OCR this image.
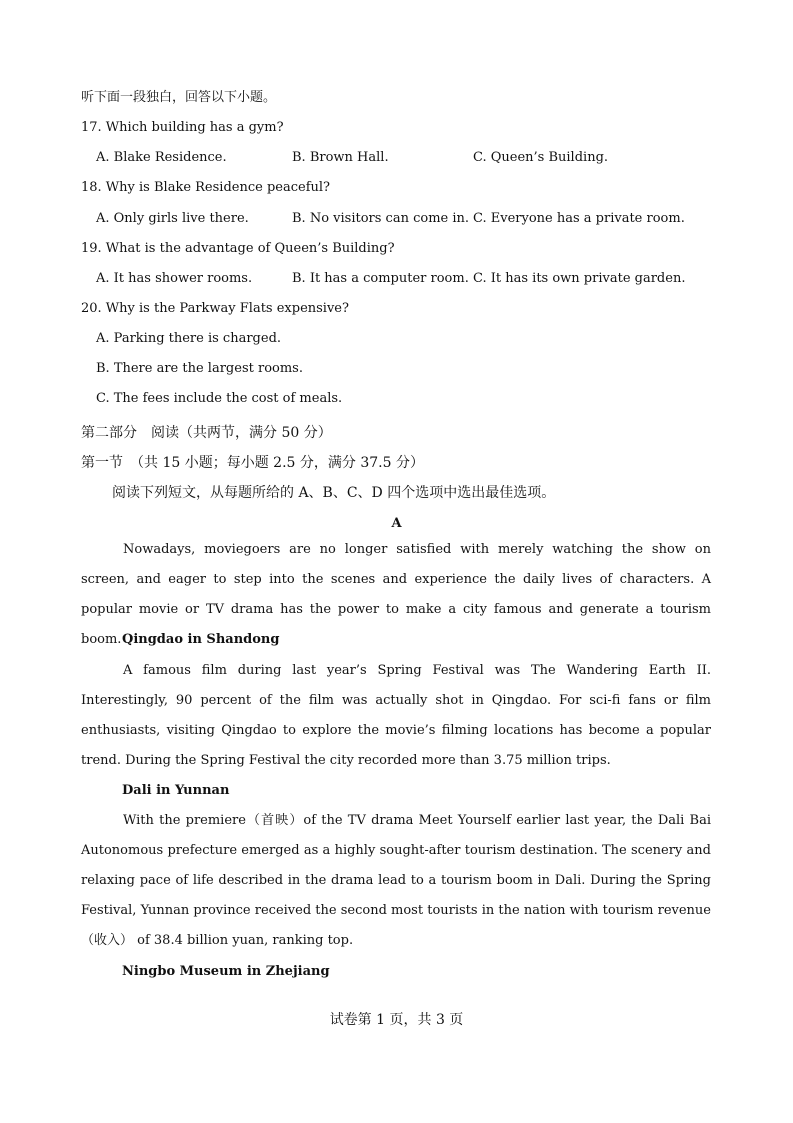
听下面一段独白，回答以下小题。
17. Which building has a gym?
A. Blake Residence.	B. Brown Hall.	C. Queen’s Building.
18. Why is Blake Residence peaceful?
A. Only girls live there.	B. No visitors can come in. C. Everyone has a private room.
19. What is the advantage of Queen’s Building?
A. It has shower rooms.	B. It has a computer room. C. It has its own private garden.
20. Why is the Parkway Flats expensive?
A. Parking there is charged.
B. There are the largest rooms.
C. The fees include the cost of meals.
第二部分　阅读（共两节，满分 50 分）
第一节　（共 15 小题；每小题 2.5 分，满分 37.5 分）
阅读下列短文，从每题所给的 A、B、C、D 四个选项中选出最佳选项。
A
Nowadays, moviegoers are no longer satisfied with merely watching the show on screen, and eager to step into the scenes and experience the daily lives of characters. A popular movie or TV drama has the power to make a city famous and generate a tourism boom. Qingdao in Shandong
A famous film during last year’s Spring Festival was The Wandering Earth II. Interestingly, 90 percent of the film was actually shot in Qingdao. For sci-fi fans or film enthusiasts, visiting Qingdao to explore the movie’s filming locations has become a popular trend. During the Spring Festival the city recorded more than 3.75 million trips.
Dali in Yunnan
With the premiere（首映）of the TV drama Meet Yourself earlier last year, the Dali Bai Autonomous prefecture emerged as a highly sought-after tourism destination. The scenery and relaxing pace of life described in the drama lead to a tourism boom in Dali. During the Spring Festival, Yunnan province received the second most tourists in the nation with tourism revenue（收入） of 38.4 billion yuan, ranking top.
Ningbo Museum in Zhejiang
试卷第 1 页，共 3 页
